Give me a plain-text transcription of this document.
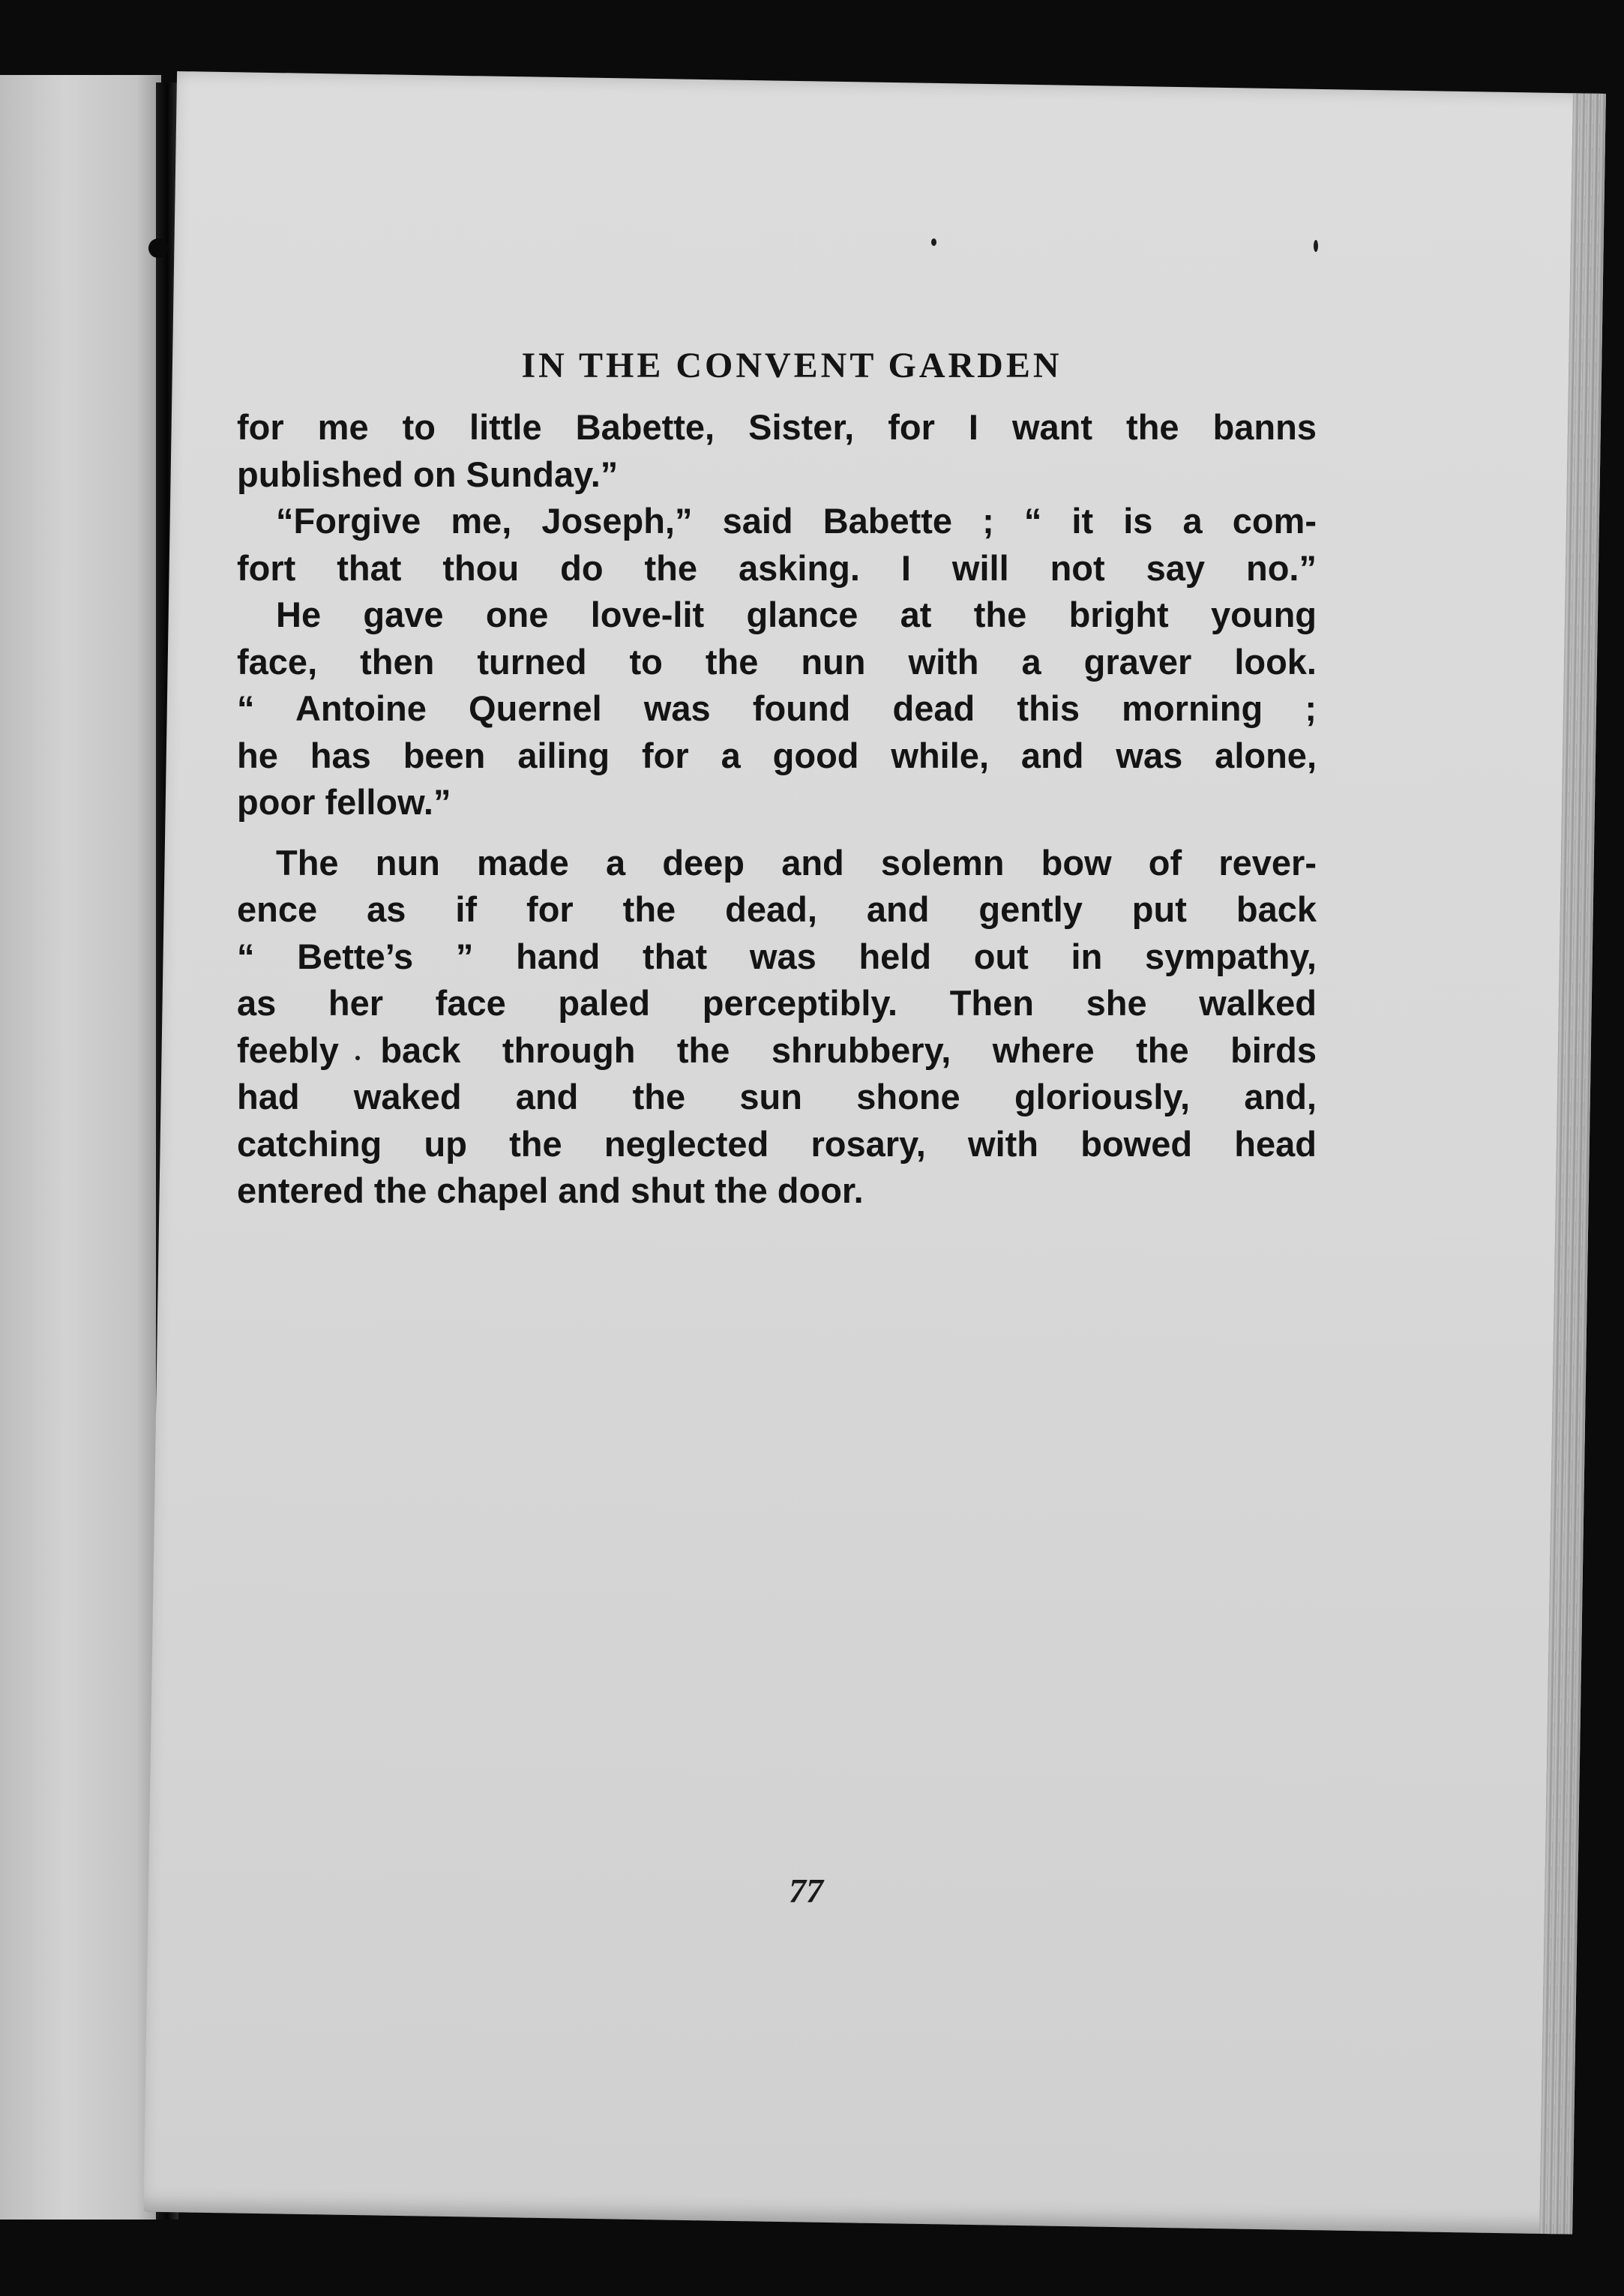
IN THE CONVENT GARDEN

for me to little Babette, Sister, for I want the banns
published on Sunday.”

“Forgive me, Joseph,” said Babette ; “ it is a com-
fort that thou do the asking. I will not say no.”

He gave one love-lit glance at the bright young
face, then turned to the nun with a graver look.
“ Antoine Quernel was found dead this morning ;
he has been ailing for a good while, and was alone,
poor fellow.”

The nun made a deep and solemn bow of rever-
ence as if for the dead, and gently put back
“ Bette’s ” hand that was held out in sympathy,
as her face paled perceptibly. Then she walked
feebly back through the shrubbery, where the birds
had waked and the sun shone gloriously, and,
catching up the neglected rosary, with bowed head
entered the chapel and shut the door.

77
